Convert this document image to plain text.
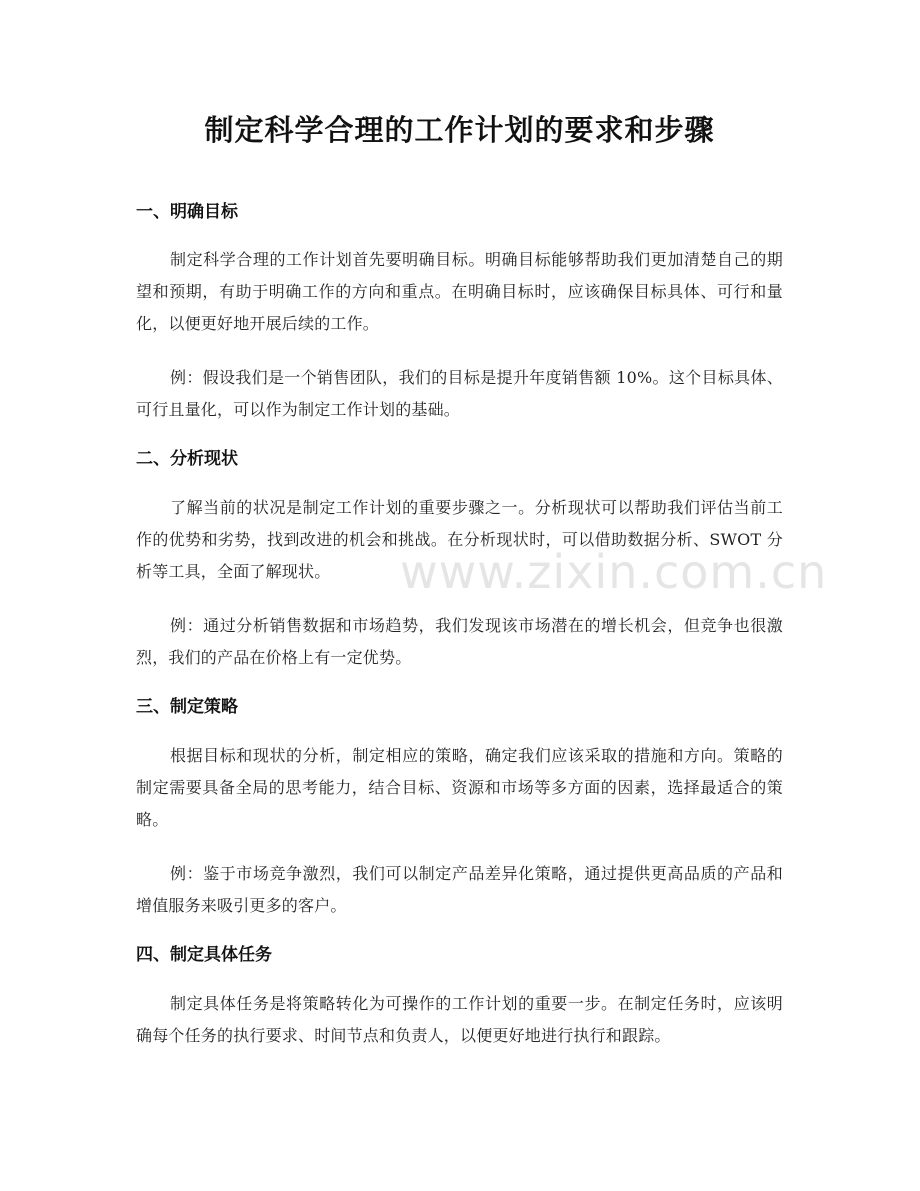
制定科学合理的工作计划的要求和步骤
一、明确目标

制定科学合理的工作计划首先要明确目标。明确目标能够帮助我们更加清楚自己的期望和预期，有助于明确工作的方向和重点。在明确目标时，应该确保目标具体、可行和量化，以便更好地开展后续的工作。

例：假设我们是一个销售团队，我们的目标是提升年度销售额 10%。这个目标具体、可行且量化，可以作为制定工作计划的基础。

二、分析现状

了解当前的状况是制定工作计划的重要步骤之一。分析现状可以帮助我们评估当前工作的优势和劣势，找到改进的机会和挑战。在分析现状时，可以借助数据分析、SWOT 分析等工具，全面了解现状。

例：通过分析销售数据和市场趋势，我们发现该市场潜在的增长机会，但竞争也很激烈，我们的产品在价格上有一定优势。

三、制定策略

根据目标和现状的分析，制定相应的策略，确定我们应该采取的措施和方向。策略的制定需要具备全局的思考能力，结合目标、资源和市场等多方面的因素，选择最适合的策略。

例：鉴于市场竞争激烈，我们可以制定产品差异化策略，通过提供更高品质的产品和增值服务来吸引更多的客户。

四、制定具体任务

制定具体任务是将策略转化为可操作的工作计划的重要一步。在制定任务时，应该明确每个任务的执行要求、时间节点和负责人，以便更好地进行执行和跟踪。

www.zixin.com.cn
